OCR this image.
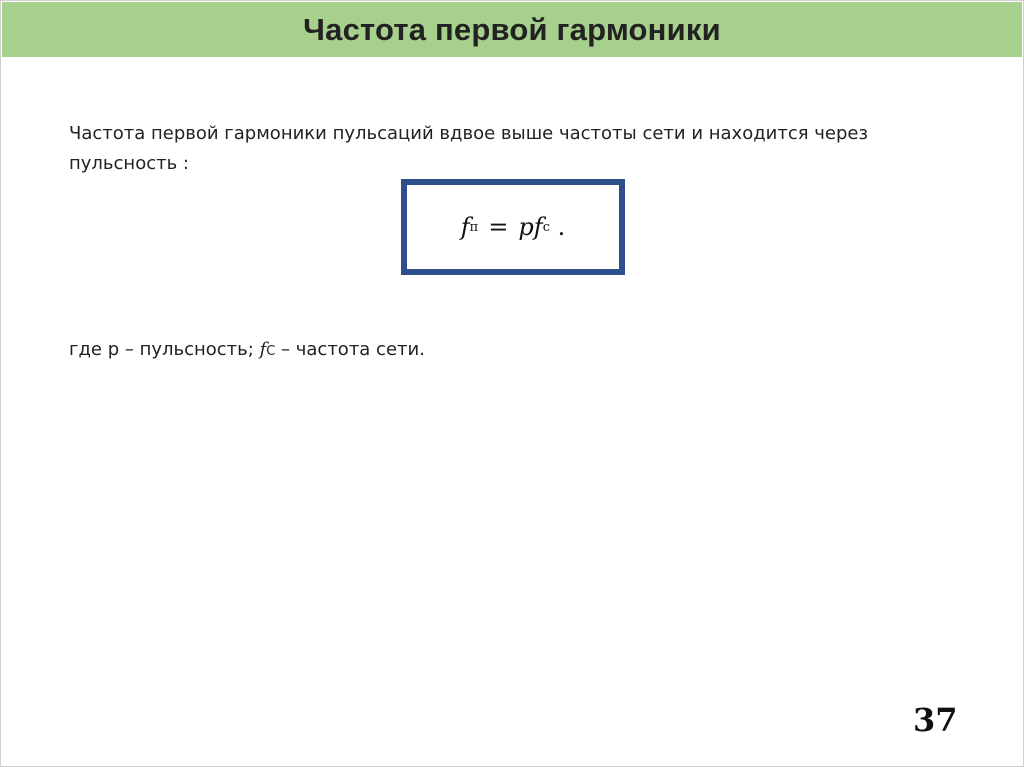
Частота первой гармоники
Частота первой гармоники пульсаций вдвое выше частоты сети и находится через пульсность :
f п = p f с
.
где р – пульсность; fС – частота сети.
37
